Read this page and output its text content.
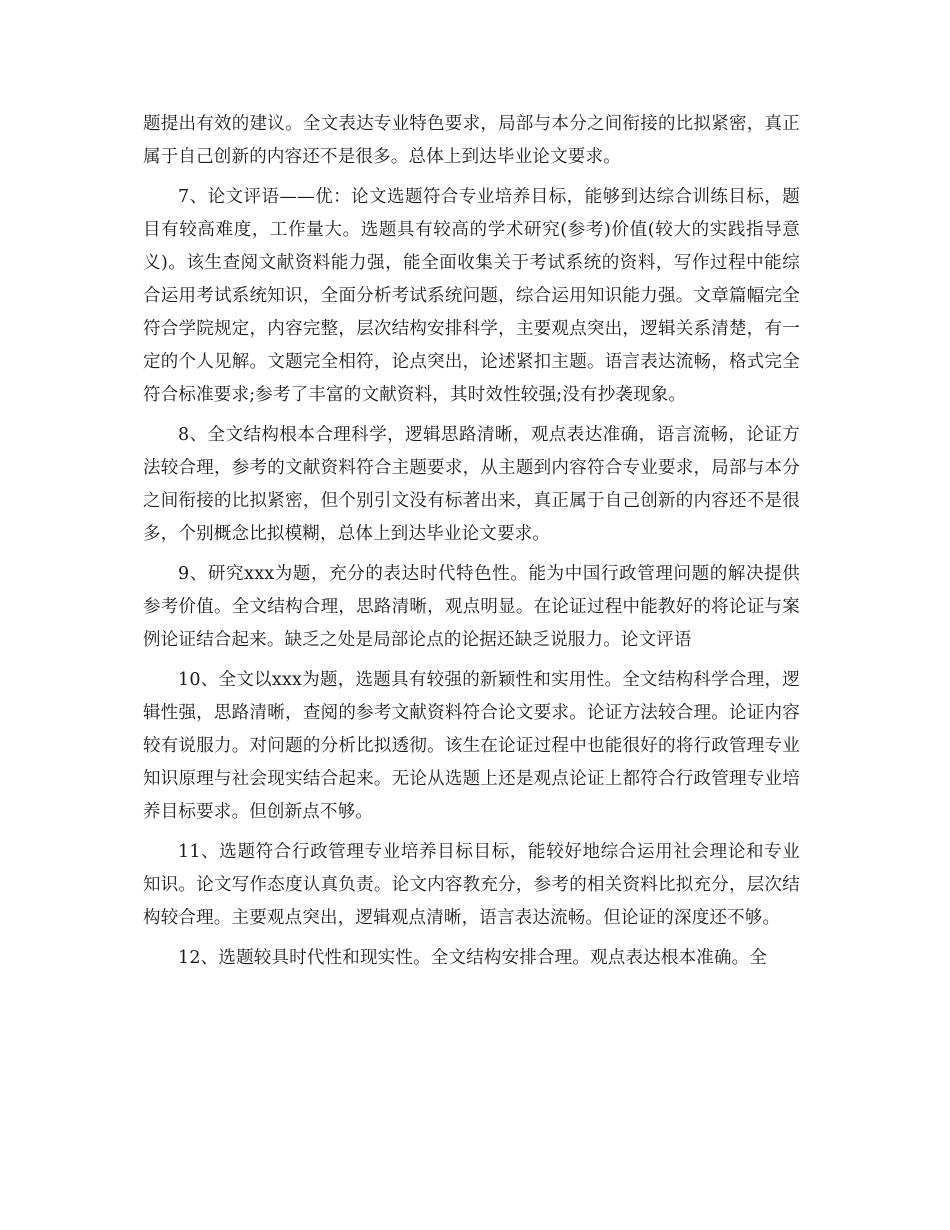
题提出有效的建议。全文表达专业特色要求，局部与本分之间衔接的比拟紧密，真正属于自己创新的内容还不是很多。总体上到达毕业论文要求。

7、论文评语——优：论文选题符合专业培养目标，能够到达综合训练目标，题目有较高难度，工作量大。选题具有较高的学术研究(参考)价值(较大的实践指导意义)。该生查阅文献资料能力强，能全面收集关于考试系统的资料，写作过程中能综合运用考试系统知识，全面分析考试系统问题，综合运用知识能力强。文章篇幅完全符合学院规定，内容完整，层次结构安排科学，主要观点突出，逻辑关系清楚，有一定的个人见解。文题完全相符，论点突出，论述紧扣主题。语言表达流畅，格式完全符合标准要求;参考了丰富的文献资料，其时效性较强;没有抄袭现象。

8、全文结构根本合理科学，逻辑思路清晰，观点表达准确，语言流畅，论证方法较合理，参考的文献资料符合主题要求，从主题到内容符合专业要求，局部与本分之间衔接的比拟紧密，但个别引文没有标著出来，真正属于自己创新的内容还不是很多，个别概念比拟模糊，总体上到达毕业论文要求。

9、研究xxx为题，充分的表达时代特色性。能为中国行政管理问题的解决提供参考价值。全文结构合理，思路清晰，观点明显。在论证过程中能教好的将论证与案例论证结合起来。缺乏之处是局部论点的论据还缺乏说服力。论文评语

10、全文以xxx为题，选题具有较强的新颖性和实用性。全文结构科学合理，逻辑性强，思路清晰，查阅的参考文献资料符合论文要求。论证方法较合理。论证内容较有说服力。对问题的分析比拟透彻。该生在论证过程中也能很好的将行政管理专业知识原理与社会现实结合起来。无论从选题上还是观点论证上都符合行政管理专业培养目标要求。但创新点不够。

11、选题符合行政管理专业培养目标目标，能较好地综合运用社会理论和专业知识。论文写作态度认真负责。论文内容教充分，参考的相关资料比拟充分，层次结构较合理。主要观点突出，逻辑观点清晰，语言表达流畅。但论证的深度还不够。

12、选题较具时代性和现实性。全文结构安排合理。观点表达根本准确。全
